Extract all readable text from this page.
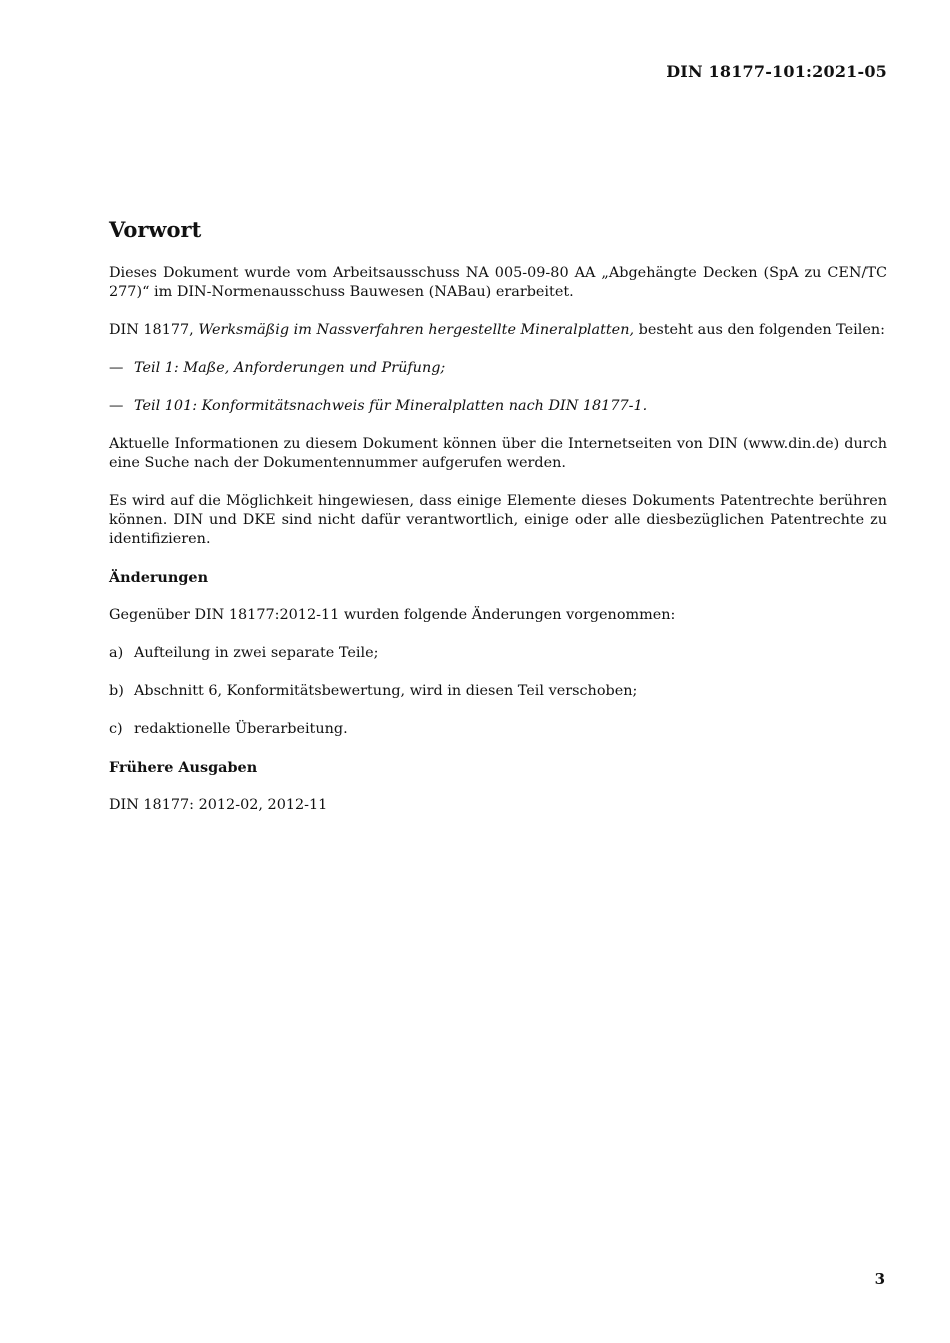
DIN 18177-101:2021-05
Vorwort

Dieses Dokument wurde vom Arbeitsausschuss NA 005-09-80 AA „Abgehängte Decken (SpA zu CEN/TC 277)“ im DIN-Normenausschuss Bauwesen (NABau) erarbeitet.

DIN 18177, Werksmäßig im Nassverfahren hergestellte Mineralplatten, besteht aus den folgenden Teilen:

— Teil 1: Maße, Anforderungen und Prüfung;
— Teil 101: Konformitätsnachweis für Mineralplatten nach DIN 18177-1.

Aktuelle Informationen zu diesem Dokument können über die Internetseiten von DIN (www.din.de) durch eine Suche nach der Dokumentennummer aufgerufen werden.

Es wird auf die Möglichkeit hingewiesen, dass einige Elemente dieses Dokuments Patentrechte berühren können. DIN und DKE sind nicht dafür verantwortlich, einige oder alle diesbezüglichen Patentrechte zu identifizieren.

Änderungen

Gegenüber DIN 18177:2012-11 wurden folgende Änderungen vorgenommen:

a) Aufteilung in zwei separate Teile;
b) Abschnitt 6, Konformitätsbewertung, wird in diesen Teil verschoben;
c) redaktionelle Überarbeitung.
Frühere Ausgaben

DIN 18177: 2012-02, 2012-11

3
